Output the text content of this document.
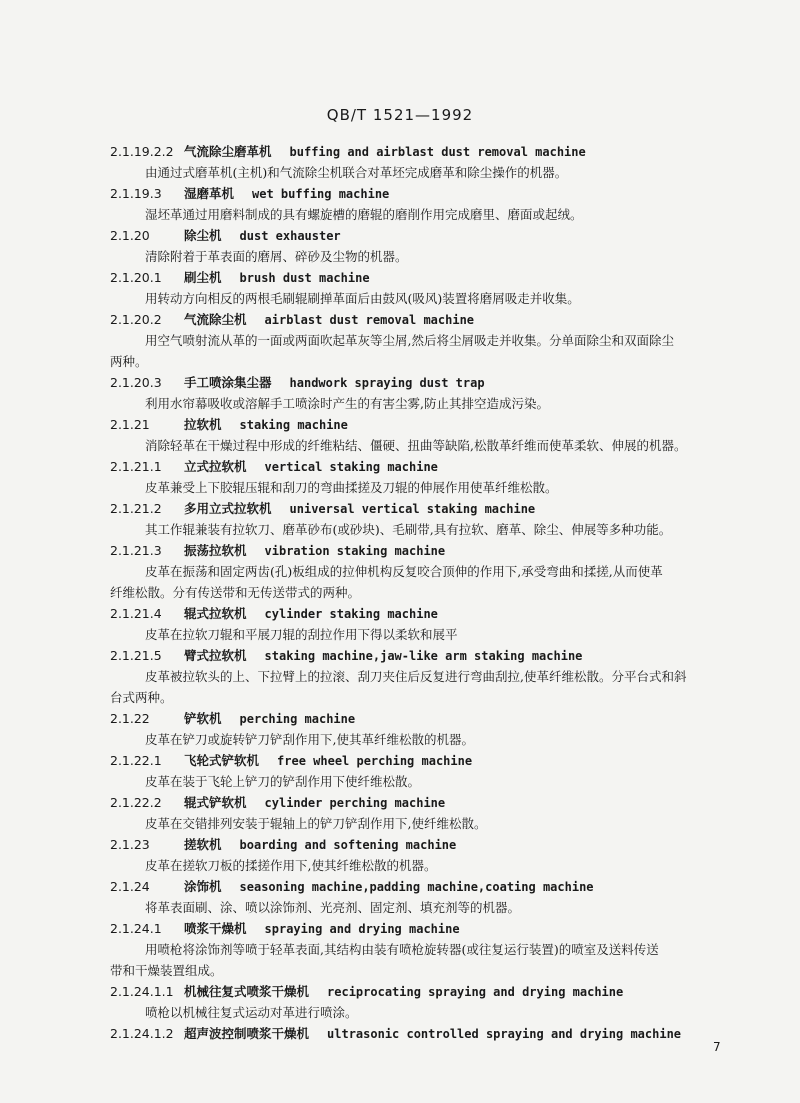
QB/T 1521—1992
2.1.19.2.2 气流除尘磨革机 buffing and airblast dust removal machine
由通过式磨革机(主机)和气流除尘机联合对革坯完成磨革和除尘操作的机器。
2.1.19.3 湿磨革机 wet buffing machine
湿坯革通过用磨料制成的具有螺旋槽的磨辊的磨削作用完成磨里、磨面或起绒。
2.1.20	除尘机 dust exhauster
清除附着于革表面的磨屑、碎砂及尘物的机器。
2.1.20.1 刷尘机 brush dust machine
用转动方向相反的两根毛刷辊刷掸革面后由鼓风(吸风)装置将磨屑吸走并收集。
2.1.20.2 气流除尘机 airblast dust removal machine
用空气喷射流从革的一面或两面吹起革灰等尘屑,然后将尘屑吸走并收集。分单面除尘和双面除尘
两种。
2.1.20.3 手工喷涂集尘器 handwork spraying dust trap
利用水帘幕吸收或溶解手工喷涂时产生的有害尘雾,防止其排空造成污染。
2.1.21	拉软机 staking machine
消除轻革在干燥过程中形成的纤维粘结、僵硬、扭曲等缺陷,松散革纤维而使革柔软、伸展的机器。
2.1.21.1 立式拉软机 vertical staking machine
皮革兼受上下胶辊压辊和刮刀的弯曲揉搓及刀辊的伸展作用使革纤维松散。
2.1.21.2 多用立式拉软机 universal vertical staking machine
其工作辊兼装有拉软刀、磨革砂布(或砂块)、毛刷带,具有拉软、磨革、除尘、伸展等多种功能。
2.1.21.3 振荡拉软机 vibration staking machine
皮革在振荡和固定两齿(孔)板组成的拉伸机构反复咬合顶伸的作用下,承受弯曲和揉搓,从而使革
纤维松散。分有传送带和无传送带式的两种。
2.1.21.4 辊式拉软机 cylinder staking machine
皮革在拉软刀辊和平展刀辊的刮拉作用下得以柔软和展平
2.1.21.5 臂式拉软机 staking machine,jaw-like arm staking machine
皮革被拉软头的上、下拉臂上的拉滚、刮刀夹住后反复进行弯曲刮拉,使革纤维松散。分平台式和斜
台式两种。
2.1.22	铲软机 perching machine
皮革在铲刀或旋转铲刀铲刮作用下,使其革纤维松散的机器。
2.1.22.1 飞轮式铲软机 free wheel perching machine
皮革在装于飞轮上铲刀的铲刮作用下使纤维松散。
2.1.22.2 辊式铲软机 cylinder perching machine
皮革在交错排列安装于辊轴上的铲刀铲刮作用下,使纤维松散。
2.1.23	搓软机 boarding and softening machine
皮革在搓软刀板的揉搓作用下,使其纤维松散的机器。
2.1.24	涂饰机 seasoning machine,padding machine,coating machine
将革表面刷、涂、喷以涂饰剂、光亮剂、固定剂、填充剂等的机器。
2.1.24.1 喷浆干燥机 spraying and drying machine
用喷枪将涂饰剂等喷于轻革表面,其结构由装有喷枪旋转器(或往复运行装置)的喷室及送料传送
带和干燥装置组成。
2.1.24.1.1 机械往复式喷浆干燥机 reciprocating spraying and drying machine
喷枪以机械往复式运动对革进行喷涂。
2.1.24.1.2 超声波控制喷浆干燥机 ultrasonic controlled spraying and drying machine
7
